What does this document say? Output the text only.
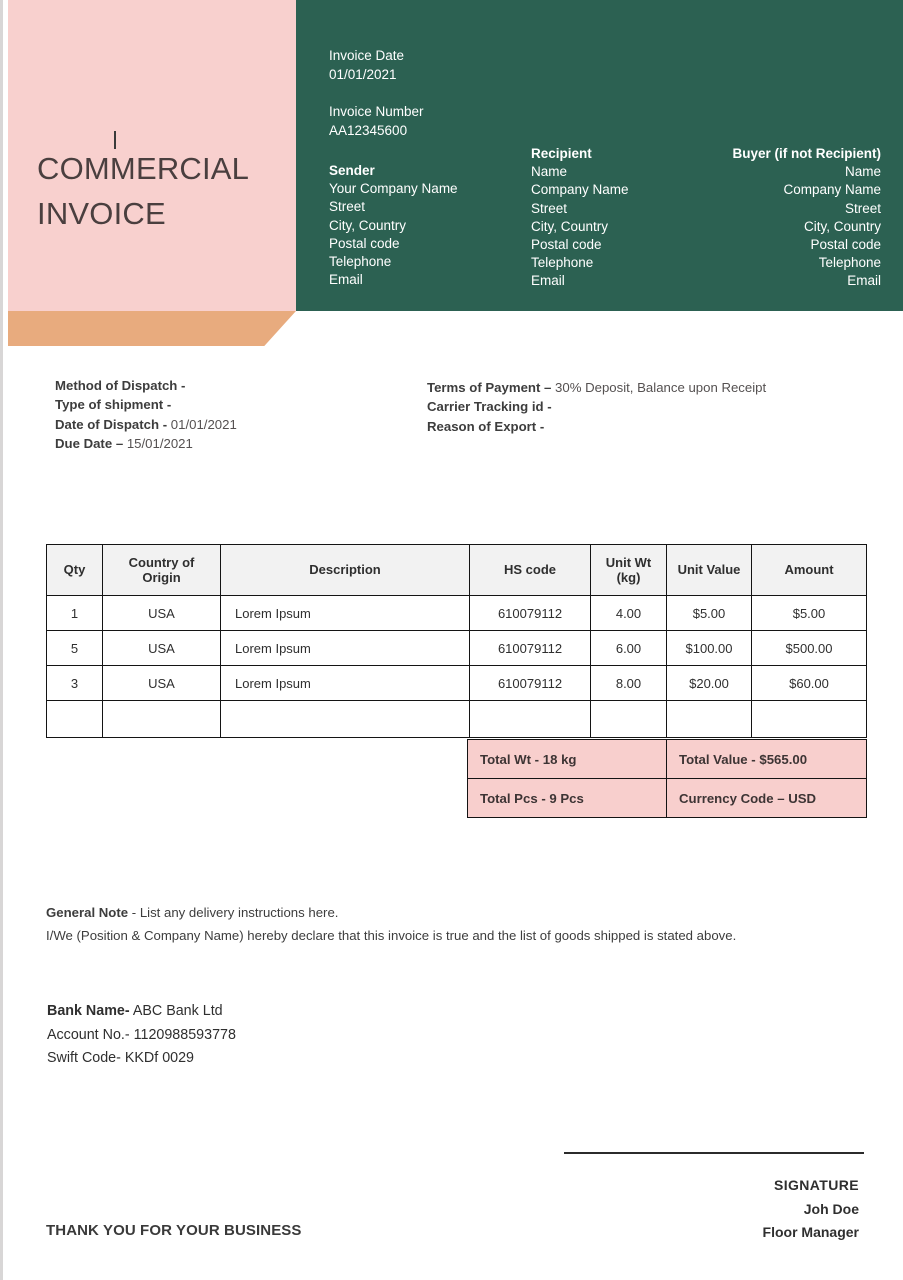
COMMERCIAL
INVOICE
Invoice Date
01/01/2021
Invoice Number
AA12345600
Sender
Your Company Name
Street
City, Country
Postal code
Telephone
Email
Recipient
Name
Company Name
Street
City, Country
Postal code
Telephone
Email
Buyer (if not Recipient)
Name
Company Name
Street
City, Country
Postal code
Telephone
Email
Method of Dispatch -
Type of shipment -
Date of Dispatch - 01/01/2021
Due Date – 15/01/2021
Terms of Payment – 30% Deposit, Balance upon Receipt
Carrier Tracking id -
Reason of Export -
Qty	Country of Origin	Description	HS code	Unit Wt (kg)	Unit Value	Amount
1	USA	Lorem Ipsum	610079112	4.00	$5.00	$5.00
5	USA	Lorem Ipsum	610079112	6.00	$100.00	$500.00
3	USA	Lorem Ipsum	610079112	8.00	$20.00	$60.00

Total Wt - 18 kg	Total Value - $565.00
Total Pcs - 9 Pcs	Currency Code – USD
General Note - List any delivery instructions here.
I/We (Position & Company Name) hereby declare that this invoice is true and the list of goods shipped is stated above.
Bank Name- ABC Bank Ltd
Account No.- 1120988593778
Swift Code- KKDf 0029
SIGNATURE
Joh Doe
Floor Manager
THANK YOU FOR YOUR BUSINESS
